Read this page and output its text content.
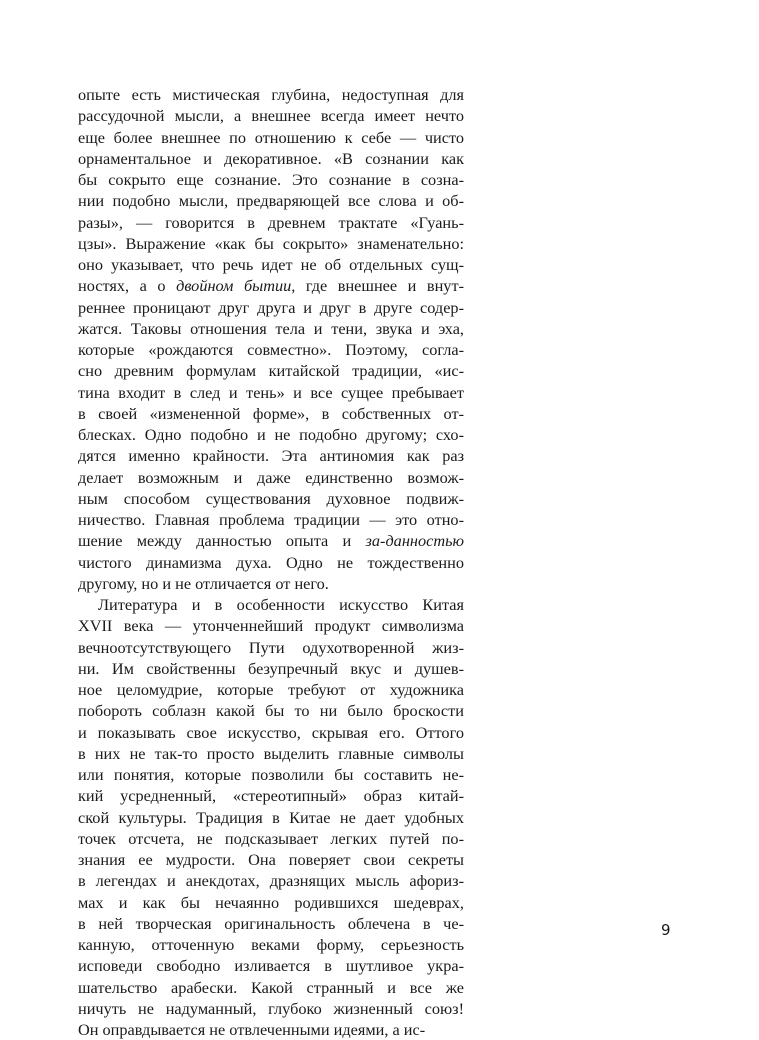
опыте есть мистическая глубина, недоступная для
рассудочной мысли, а внешнее всегда имеет нечто
еще более внешнее по отношению к себе — чисто
орнаментальное и декоративное. «В сознании как
бы сокрыто еще сознание. Это сознание в созна-
нии подобно мысли, предваряющей все слова и об-
разы», — говорится в древнем трактате «Гуань-
цзы». Выражение «как бы сокрыто» знаменательно:
оно указывает, что речь идет не об отдельных сущ-
ностях, а о двойном бытии, где внешнее и внут-
реннее проницают друг друга и друг в друге содер-
жатся. Таковы отношения тела и тени, звука и эха,
которые «рождаются совместно». Поэтому, согла-
сно древним формулам китайской традиции, «ис-
тина входит в след и тень» и все сущее пребывает
в своей «измененной форме», в собственных от-
блесках. Одно подобно и не подобно другому; схо-
дятся именно крайности. Эта антиномия как раз
делает возможным и даже единственно возмож-
ным способом существования духовное подвиж-
ничество. Главная проблема традиции — это отно-
шение между данностью опыта и за-данностью
чистого динамизма духа. Одно не тождественно
другому, но и не отличается от него.
Литература и в особенности искусство Китая
XVII века — утонченнейший продукт символизма
вечноотсутствующего Пути одухотворенной жиз-
ни. Им свойственны безупречный вкус и душев-
ное целомудрие, которые требуют от художника
побороть соблазн какой бы то ни было броскости
и показывать свое искусство, скрывая его. Оттого
в них не так-то просто выделить главные символы
или понятия, которые позволили бы составить не-
кий усредненный, «стереотипный» образ китай-
ской культуры. Традиция в Китае не дает удобных
точек отсчета, не подсказывает легких путей по-
знания ее мудрости. Она поверяет свои секреты
в легендах и анекдотах, дразнящих мысль афориз-
мах и как бы нечаянно родившихся шедеврах,
в ней творческая оригинальность облечена в че-
канную, отточенную веками форму, серьезность
исповеди свободно изливается в шутливое укра-
шательство арабески. Какой странный и все же
ничуть не надуманный, глубоко жизненный союз!
Он оправдывается не отвлеченными идеями, а ис-
9
